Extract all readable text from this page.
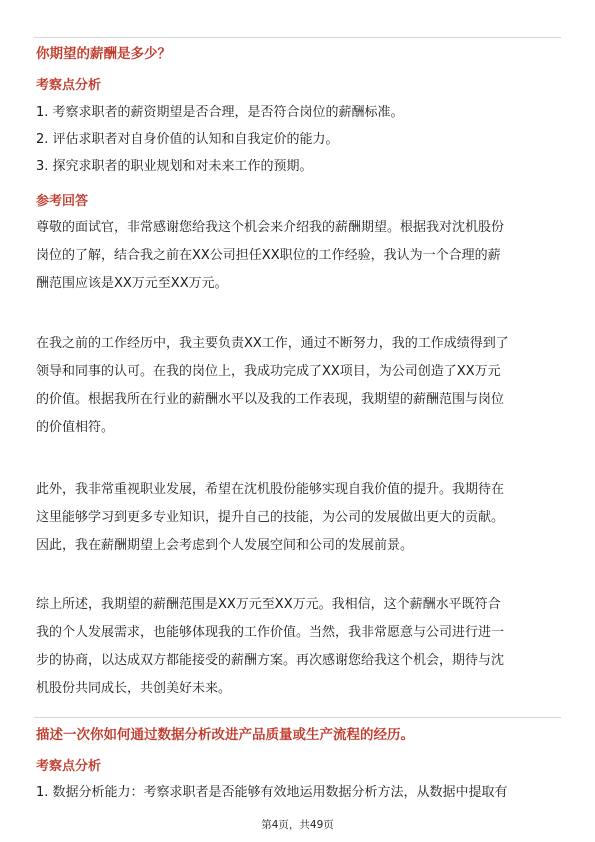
你期望的薪酬是多少？
考察点分析
1. 考察求职者的薪资期望是否合理，是否符合岗位的薪酬标准。
2. 评估求职者对自身价值的认知和自我定价的能力。
3. 探究求职者的职业规划和对未来工作的预期。
参考回答
尊敬的面试官，非常感谢您给我这个机会来介绍我的薪酬期望。根据我对沈机股份
岗位的了解，结合我之前在XX公司担任XX职位的工作经验，我认为一个合理的薪
酬范围应该是XX万元至XX万元。
在我之前的工作经历中，我主要负责XX工作，通过不断努力，我的工作成绩得到了
领导和同事的认可。在我的岗位上，我成功完成了XX项目，为公司创造了XX万元
的价值。根据我所在行业的薪酬水平以及我的工作表现，我期望的薪酬范围与岗位
的价值相符。
此外，我非常重视职业发展，希望在沈机股份能够实现自我价值的提升。我期待在
这里能够学习到更多专业知识，提升自己的技能，为公司的发展做出更大的贡献。
因此，我在薪酬期望上会考虑到个人发展空间和公司的发展前景。
综上所述，我期望的薪酬范围是XX万元至XX万元。我相信，这个薪酬水平既符合
我的个人发展需求，也能够体现我的工作价值。当然，我非常愿意与公司进行进一
步的协商，以达成双方都能接受的薪酬方案。再次感谢您给我这个机会，期待与沈
机股份共同成长，共创美好未来。
描述一次你如何通过数据分析改进产品质量或生产流程的经历。
考察点分析
1. 数据分析能力：考察求职者是否能够有效地运用数据分析方法，从数据中提取有
第4页，共49页
